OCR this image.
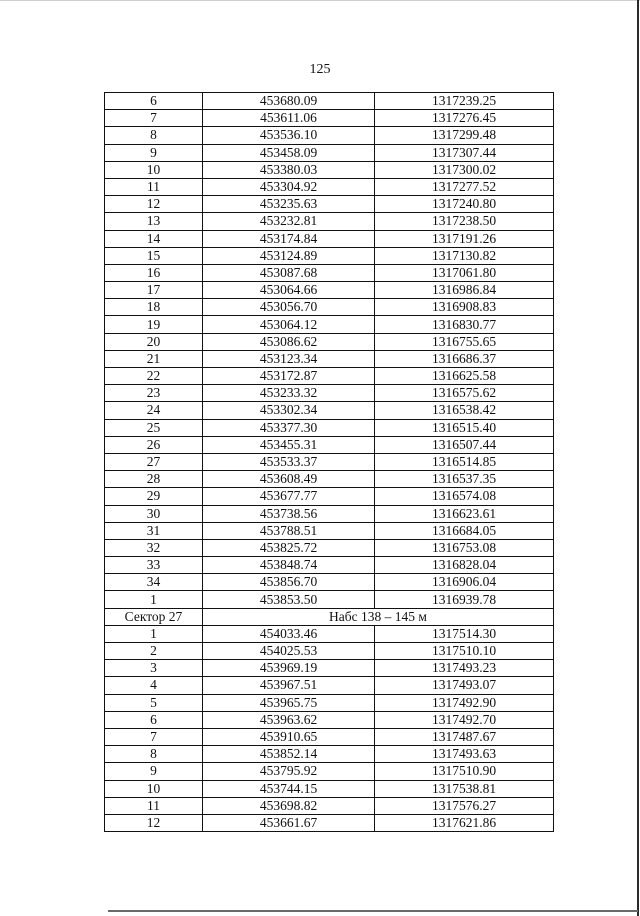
125
6	453680.09	1317239.25
7	453611.06	1317276.45
8	453536.10	1317299.48
9	453458.09	1317307.44
10	453380.03	1317300.02
11	453304.92	1317277.52
12	453235.63	1317240.80
13	453232.81	1317238.50
14	453174.84	1317191.26
15	453124.89	1317130.82
16	453087.68	1317061.80
17	453064.66	1316986.84
18	453056.70	1316908.83
19	453064.12	1316830.77
20	453086.62	1316755.65
21	453123.34	1316686.37
22	453172.87	1316625.58
23	453233.32	1316575.62
24	453302.34	1316538.42
25	453377.30	1316515.40
26	453455.31	1316507.44
27	453533.37	1316514.85
28	453608.49	1316537.35
29	453677.77	1316574.08
30	453738.56	1316623.61
31	453788.51	1316684.05
32	453825.72	1316753.08
33	453848.74	1316828.04
34	453856.70	1316906.04
1	453853.50	1316939.78
Сектор 27	Набс 138 – 145 м	
1	454033.46	1317514.30
2	454025.53	1317510.10
3	453969.19	1317493.23
4	453967.51	1317493.07
5	453965.75	1317492.90
6	453963.62	1317492.70
7	453910.65	1317487.67
8	453852.14	1317493.63
9	453795.92	1317510.90
10	453744.15	1317538.81
11	453698.82	1317576.27
12	453661.67	1317621.86
